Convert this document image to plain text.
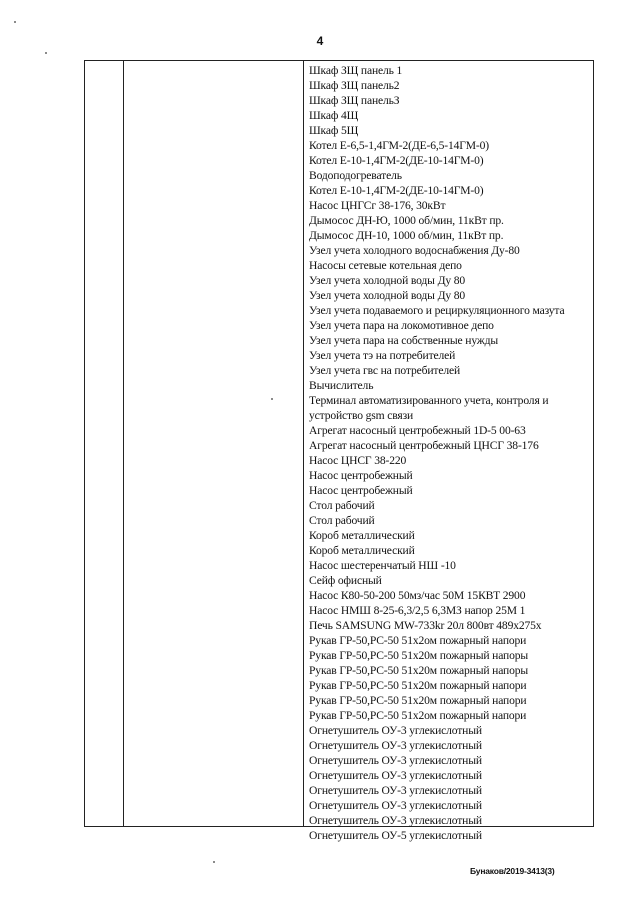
4
Шкаф ЗЩ панель 1
Шкаф ЗЩ панель2
Шкаф ЗЩ панельЗ
Шкаф 4Щ
Шкаф 5Щ
Котел Е-6,5-1,4ГМ-2(ДЕ-6,5-14ГМ-0)
Котел Е-10-1,4ГМ-2(ДЕ-10-14ГМ-0)
Водоподогреватель
Котел Е-10-1,4ГМ-2(ДЕ-10-14ГМ-0)
Насос ЦНГСг 38-176, 30кВт
Дымосос ДН-Ю, 1000 об/мин, 11кВт пр.
Дымосос ДН-10, 1000 об/мин, 11кВт пр.
Узел учета холодного водоснабжения Ду-80
Насосы сетевые котельная депо
Узел учета холодной воды Ду 80
Узел учета холодной воды Ду 80
Узел учета подаваемого и рециркуляционного мазута
Узел учета пара на локомотивное депо
Узел учета пара на собственные нужды
Узел учета тэ на потребителей
Узел учета гвс на потребителей
Вычислитель
Терминал автоматизированного учета, контроля и устройство gsm связи
Агрегат насосный центробежный 1D-5 00-63
Агрегат насосный центробежный ЦНСГ 38-176
Насос ЦНСГ 38-220
Насос центробежный
Насос центробежный
Стол рабочий
Стол рабочий
Короб металлический
Короб металлический
Насос шестеренчатый НШ -10
Сейф офисный
Насос К80-50-200 50мз/час 50М 15КВТ 2900
Насос НМШ 8-25-6,3/2,5 6,3МЗ напор 25М 1
Печь SAMSUNG MW-733kr 20л 800вт 489х275х
Рукав ГР-50,PC-50 51х2ом пожарный напори
Рукав ГР-50,PC-50 51х20м пожарный напоры
Рукав ГР-50,PC-50 51х20м пожарный напоры
Рукав ГР-50,PC-50 51х20м пожарный напори
Рукав ГР-50,PC-50 51х20м пожарный напори
Рукав ГР-50,PC-50 51х2ом пожарный напори
Огнетушитель ОУ-3 углекислотный
Огнетушитель ОУ-3 углекислотный
Огнетушитель ОУ-3 углекислотный
Огнетушитель ОУ-3 углекислотный
Огнетушитель ОУ-3 углекислотный
Огнетушитель ОУ-3 углекислотный
Огнетушитель ОУ-3 углекислотный
Огнетушитель ОУ-5 углекислотный
Бунаков/2019-3413(3)
